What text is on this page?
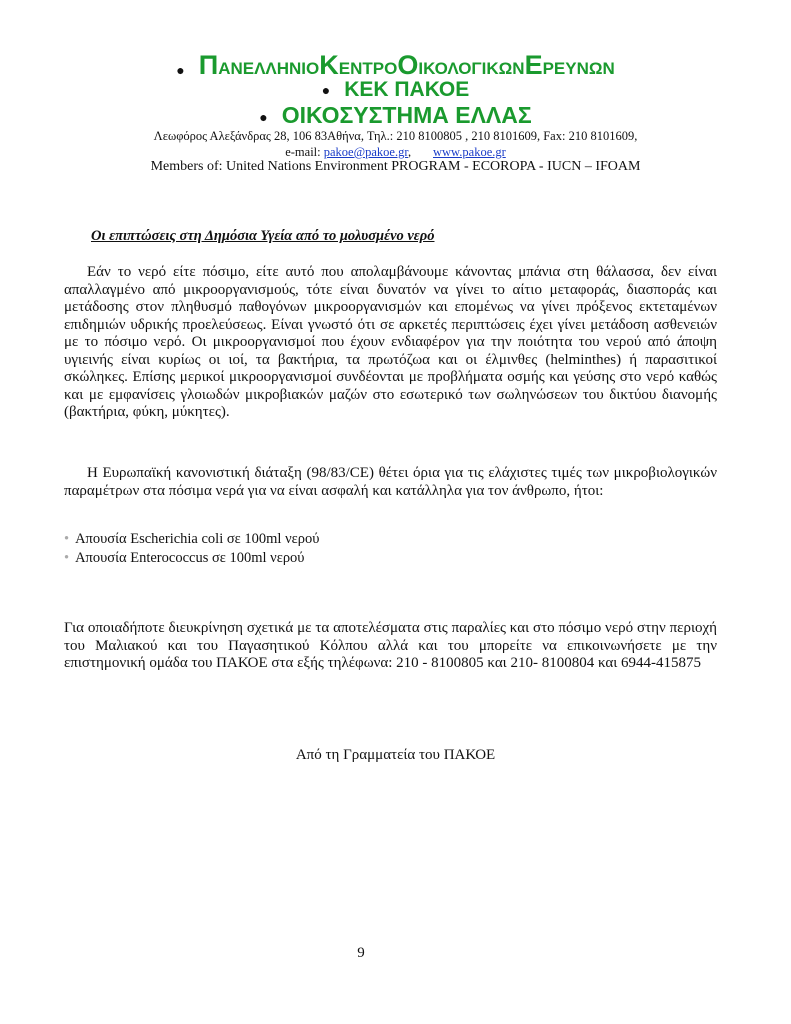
● ΠΑΝΕΛΛΗΝΙΟΚΕΝΤΡΟΟΙΚΟΛΟΓΙΚΩΝΕΡΕΥΝΩΝ
● ΚΕΚ ΠΑΚΟΕ
● ΟΙΚΟΣΥΣΤΗΜΑ ΕΛΛΑΣ
Λεωφόρος Αλεξάνδρας 28, 106 83Αθήνα, Τηλ.: 210 8100805 , 210 8101609, Fax: 210 8101609,
e-mail: pakoe@pakoe.gr, www.pakoe.gr
Members of: United Nations Environment PROGRAM - ECOROPA - IUCN – IFOAM
Οι επιπτώσεις στη Δημόσια Υγεία από το μολυσμένο νερό

Εάν το νερό είτε πόσιμο, είτε αυτό που απολαμβάνουμε κάνοντας μπάνια στη θάλασσα, δεν είναι απαλλαγμένο από μικροοργανισμούς, τότε είναι δυνατόν να γίνει το αίτιο μεταφοράς, διασποράς και μετάδοσης στον πληθυσμό παθογόνων μικροοργανισμών και επομένως να γίνει πρόξενος εκτεταμένων επιδημιών υδρικής προελεύσεως. Είναι γνωστό ότι σε αρκετές περιπτώσεις έχει γίνει μετάδοση ασθενειών με το πόσιμο νερό. Οι μικροοργανισμοί που έχουν ενδιαφέρον για την ποιότητα του νερού από άποψη υγιεινής είναι κυρίως οι ιοί, τα βακτήρια, τα πρωτόζωα και οι έλμινθες (helminthes) ή παρασιτικοί σκώληκες. Επίσης μερικοί μικροοργανισμοί συνδέονται με προβλήματα οσμής και γεύσης στο νερό καθώς και με εμφανίσεις γλοιωδών μικροβιακών μαζών στο εσωτερικό των σωληνώσεων του δικτύου διανομής (βακτήρια, φύκη, μύκητες).

Η Ευρωπαϊκή κανονιστική διάταξη (98/83/CE) θέτει όρια για τις ελάχιστες τιμές των μικροβιολογικών παραμέτρων στα πόσιμα νερά για να είναι ασφαλή και κατάλληλα για τον άνθρωπο, ήτοι:

• Απουσία Escherichia coli σε 100ml νερού
• Απουσία Enterococcus σε 100ml νερού

Για οποιαδήποτε διευκρίνηση σχετικά με τα αποτελέσματα στις παραλίες και στο πόσιμο νερό στην περιοχή του Μαλιακού και του Παγασητικού Κόλπου αλλά και του μπορείτε να επικοινωνήσετε με την επιστημονική ομάδα του ΠΑΚΟΕ στα εξής τηλέφωνα: 210 - 8100805 και 210- 8100804 και 6944-415875

Από τη Γραμματεία του ΠΑΚΟΕ
9
